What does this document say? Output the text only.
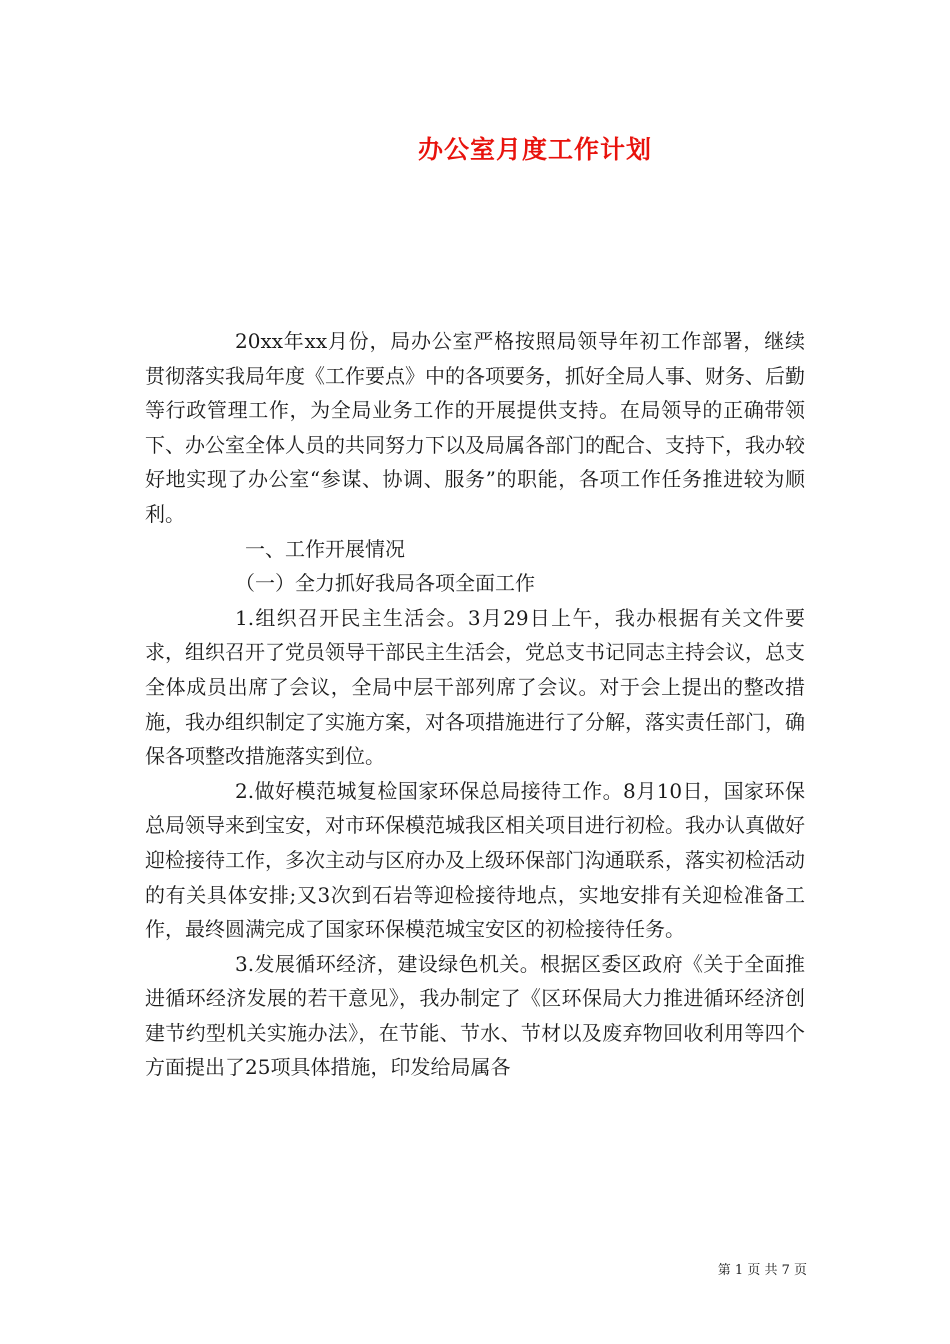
办公室月度工作计划

20xx年xx月份，局办公室严格按照局领导年初工作部署，继续贯彻落实我局年度《工作要点》中的各项要务，抓好全局人事、财务、后勤等行政管理工作，为全局业务工作的开展提供支持。在局领导的正确带领下、办公室全体人员的共同努力下以及局属各部门的配合、支持下，我办较好地实现了办公室“参谋、协调、服务”的职能，各项工作任务推进较为顺利。

一、工作开展情况

（一）全力抓好我局各项全面工作

1.组织召开民主生活会。3月29日上午，我办根据有关文件要求，组织召开了党员领导干部民主生活会，党总支书记同志主持会议，总支全体成员出席了会议，全局中层干部列席了会议。对于会上提出的整改措施，我办组织制定了实施方案，对各项措施进行了分解，落实责任部门，确保各项整改措施落实到位。

2.做好模范城复检国家环保总局接待工作。8月10日，国家环保总局领导来到宝安，对市环保模范城我区相关项目进行初检。我办认真做好迎检接待工作，多次主动与区府办及上级环保部门沟通联系，落实初检活动的有关具体安排;又3次到石岩等迎检接待地点，实地安排有关迎检准备工作，最终圆满完成了国家环保模范城宝安区的初检接待任务。

3.发展循环经济，建设绿色机关。根据区委区政府《关于全面推进循环经济发展的若干意见》，我办制定了《区环保局大力推进循环经济创建节约型机关实施办法》，在节能、节水、节材以及废弃物回收利用等四个方面提出了25项具体措施，印发给局属各

第 1 页 共 7 页
